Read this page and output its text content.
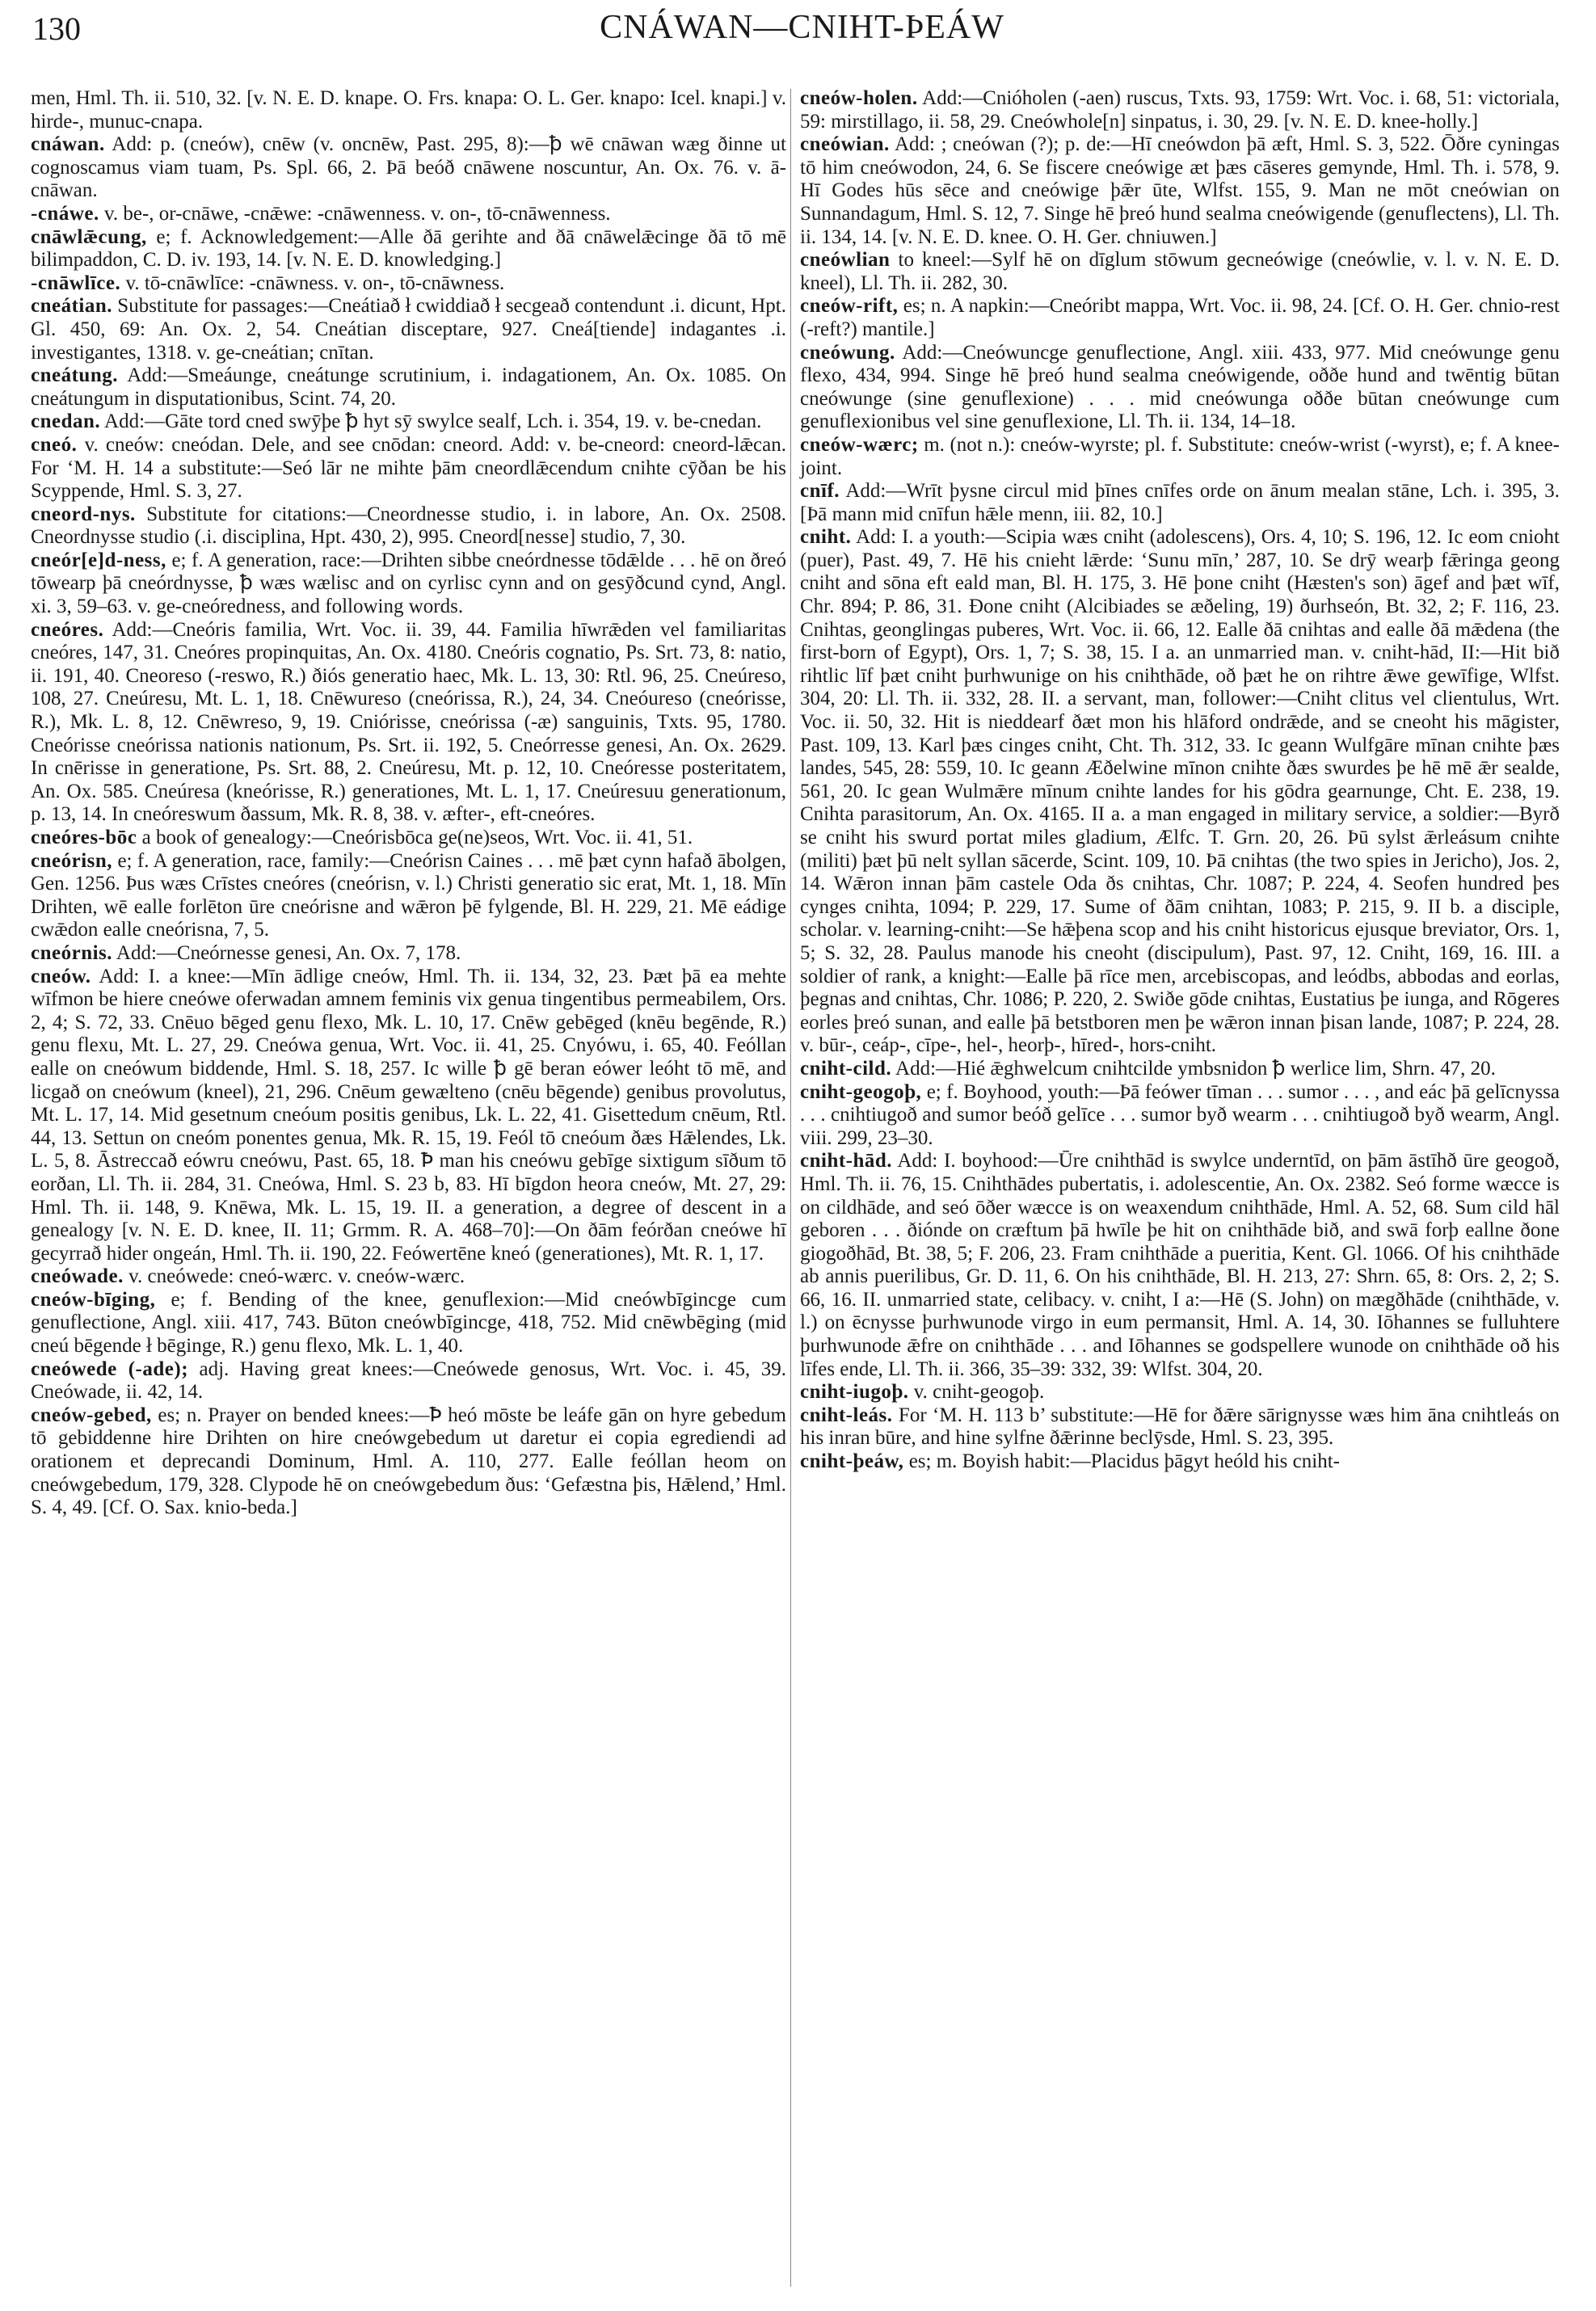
130	CNÁWAN—CNIHT-ÞEÁW

men, Hml. Th. ii. 510, 32. [v. N. E. D. knape. O. Frs. knapa: O. L. Ger. knapo: Icel. knapi.] v. hirde-, munuc-cnapa.

cnáwan. Add: p. (cneów), cnēw (v. oncnēw, Past. 295, 8):—ꝥ wē cnāwan wæg ðinne ut cognoscamus viam tuam, Ps. Spl. 66, 2. Þā beóð cnāwene noscuntur, An. Ox. 76. v. ā-cnāwan.

-cnáwe. v. be-, or-cnāwe, -cnǣwe: -cnāwenness. v. on-, tō-cnāwenness.

cnāwlǣcung, e; f. Acknowledgement:—Alle ðā gerihte and ðā cnāwelǣcinge ðā tō mē bilimpaddon, C. D. iv. 193, 14. [v. N. E. D. knowledging.]

-cnāwlīce. v. tō-cnāwlīce: -cnāwness. v. on-, tō-cnāwness.

cneátian. Substitute for passages:—Cneátiað ł cwiddiað ł secgeað contendunt .i. dicunt, Hpt. Gl. 450, 69: An. Ox. 2, 54. Cneátian disceptare, 927. Cneá[tiende] indagantes .i. investigantes, 1318. v. ge-cneátian; cnītan.

cneátung. Add:—Smeáunge, cneátunge scrutinium, i. indagationem, An. Ox. 1085. On cneátungum in disputationibus, Scint. 74, 20.

cnedan. Add:—Gāte tord cned swȳþe ꝥ hyt sȳ swylce sealf, Lch. i. 354, 19. v. be-cnedan.

cneó. v. cneów: cneódan. Dele, and see cnōdan: cneord. Add: v. be-cneord: cneord-lǣcan. For ‘M. H. 14 a substitute:—Seó lār ne mihte þām cneordlǣcendum cnihte cȳðan be his Scyppende, Hml. S. 3, 27.

cneord-nys. Substitute for citations:—Cneordnesse studio, i. in labore, An. Ox. 2508. Cneordnysse studio (.i. disciplina, Hpt. 430, 2), 995. Cneord[nesse] studio, 7, 30.

cneór[e]d-ness, e; f. A generation, race:—Drihten sibbe cneórdnesse tōdǣlde . . . hē on ðreó tōwearp þā cneórdnysse, ꝥ wæs wælisc and on cyrlisc cynn and on gesȳðcund cynd, Angl. xi. 3, 59–63. v. ge-cneóredness, and following words.

cneóres. Add:—Cneóris familia, Wrt. Voc. ii. 39, 44. Familia hīwrǣden vel familiaritas cneóres, 147, 31. Cneóres propinquitas, An. Ox. 4180. Cneóris cognatio, Ps. Srt. 73, 8: natio, ii. 191, 40. Cneoreso (-reswo, R.) ðiós generatio haec, Mk. L. 13, 30: Rtl. 96, 25. Cneúreso, 108, 27. Cneúresu, Mt. L. 1, 18. Cnēwureso (cneórissa, R.), 24, 34. Cneóureso (cneórisse, R.), Mk. L. 8, 12. Cnēwreso, 9, 19. Cniórisse, cneórissa (-æ) sanguinis, Txts. 95, 1780. Cneórisse cneórissa nationis nationum, Ps. Srt. ii. 192, 5. Cneórresse genesi, An. Ox. 2629. In cnērisse in generatione, Ps. Srt. 88, 2. Cneúresu, Mt. p. 12, 10. Cneóresse posteritatem, An. Ox. 585. Cneúresa (kneórisse, R.) generationes, Mt. L. 1, 17. Cneúresuu generationum, p. 13, 14. In cneóreswum ðassum, Mk. R. 8, 38. v. æfter-, eft-cneóres.

cneóres-bōc a book of genealogy:—Cneórisbōca ge(ne)seos, Wrt. Voc. ii. 41, 51.

cneórisn, e; f. A generation, race, family:—Cneórisn Caines . . . mē þæt cynn hafað ābolgen, Gen. 1256. Þus wæs Crīstes cneóres (cneórisn, v. l.) Christi generatio sic erat, Mt. 1, 18. Mīn Drihten, wē ealle forlēton ūre cneórisne and wǣron þē fylgende, Bl. H. 229, 21. Mē eádige cwǣdon ealle cneórisna, 7, 5.

cneórnis. Add:—Cneórnesse genesi, An. Ox. 7, 178.

cneów. Add: I. a knee:—Mīn ādlige cneów, Hml. Th. ii. 134, 32, 23. Þæt þā ea mehte wīfmon be hiere cneówe oferwadan amnem feminis vix genua tingentibus permeabilem, Ors. 2, 4; S. 72, 33. Cnēuo bēged genu flexo, Mk. L. 10, 17. Cnēw gebēged (knēu begēnde, R.) genu flexu, Mt. L. 27, 29. Cneówa genua, Wrt. Voc. ii. 41, 25. Cnyówu, i. 65, 40. Feóllan ealle on cneówum biddende, Hml. S. 18, 257. Ic wille ꝥ gē beran eówer leóht tō mē, and licgað on cneówum (kneel), 21, 296. Cnēum gewælteno (cnēu bēgende) genibus provolutus, Mt. L. 17, 14. Mid gesetnum cneóum positis genibus, Lk. L. 22, 41. Gisettedum cnēum, Rtl. 44, 13. Settun on cneóm ponentes genua, Mk. R. 15, 19. Feól tō cneóum ðæs Hǣlendes, Lk. L. 5, 8. Āstreccað eówru cneówu, Past. 65, 18. Ꝥ man his cneówu gebīge sixtigum sīðum tō eorðan, Ll. Th. ii. 284, 31. Cneówa, Hml. S. 23 b, 83. Hī bīgdon heora cneów, Mt. 27, 29: Hml. Th. ii. 148, 9. Knēwa, Mk. L. 15, 19. II. a generation, a degree of descent in a genealogy [v. N. E. D. knee, II. 11; Grmm. R. A. 468–70]:—On ðām feórðan cneówe hī gecyrrað hider ongeán, Hml. Th. ii. 190, 22. Feówertēne kneó (generationes), Mt. R. 1, 17.

cneówade. v. cneówede: cneó-wærc. v. cneów-wærc.

cneów-bīging, e; f. Bending of the knee, genuflexion:—Mid cneówbīgincge cum genuflectione, Angl. xiii. 417, 743. Būton cneówbīgincge, 418, 752. Mid cnēwbēging (mid cneú bēgende ł bēginge, R.) genu flexo, Mk. L. 1, 40.

cneówede (-ade); adj. Having great knees:—Cneówede genosus, Wrt. Voc. i. 45, 39. Cneówade, ii. 42, 14.

cneów-gebed, es; n. Prayer on bended knees:—Ꝥ heó mōste be leáfe gān on hyre gebedum tō gebiddenne hire Drihten on hire cneówgebedum ut daretur ei copia egrediendi ad orationem et deprecandi Dominum, Hml. A. 110, 277. Ealle feóllan heom on cneówgebedum, 179, 328. Clypode hē on cneówgebedum ðus: ‘Gefæstna þis, Hǣlend,’ Hml. S. 4, 49. [Cf. O. Sax. knio-beda.]

cneów-holen. Add:—Cnióholen (-aen) ruscus, Txts. 93, 1759: Wrt. Voc. i. 68, 51: victoriala, 59: mirstillago, ii. 58, 29. Cneówhole[n] sinpatus, i. 30, 29. [v. N. E. D. knee-holly.]

cneówian. Add: ; cneówan (?); p. de:—Hī cneówdon þā æft, Hml. S. 3, 522. Ōðre cyningas tō him cneówodon, 24, 6. Se fiscere cneówige æt þæs cāseres gemynde, Hml. Th. i. 578, 9. Hī Godes hūs sēce and cneówige þǣr ūte, Wlfst. 155, 9. Man ne mōt cneówian on Sunnandagum, Hml. S. 12, 7. Singe hē þreó hund sealma cneówigende (genuflectens), Ll. Th. ii. 134, 14. [v. N. E. D. knee. O. H. Ger. chniuwen.]

cneówlian to kneel:—Sylf hē on dīglum stōwum gecneówige (cneówlie, v. l. v. N. E. D. kneel), Ll. Th. ii. 282, 30.

cneów-rift, es; n. A napkin:—Cneóribt mappa, Wrt. Voc. ii. 98, 24. [Cf. O. H. Ger. chnio-rest (-reft?) mantile.]

cneówung. Add:—Cneówuncge genuflectione, Angl. xiii. 433, 977. Mid cneówunge genu flexo, 434, 994. Singe hē þreó hund sealma cneówigende, oððe hund and twēntig būtan cneówunge (sine genuflexione) . . . mid cneówunga oððe būtan cneówunge cum genuflexionibus vel sine genuflexione, Ll. Th. ii. 134, 14–18.

cneów-wærc; m. (not n.): cneów-wyrste; pl. f. Substitute: cneów-wrist (-wyrst), e; f. A knee-joint.

cnīf. Add:—Wrīt þysne circul mid þīnes cnīfes orde on ānum mealan stāne, Lch. i. 395, 3. [Þā mann mid cnīfun hǣle menn, iii. 82, 10.]

cniht. Add: I. a youth:—Scipia wæs cniht (adolescens), Ors. 4, 10; S. 196, 12. Ic eom cnioht (puer), Past. 49, 7. Hē his cnieht lǣrde: ‘Sunu mīn,’ 287, 10. Se drȳ wearþ fǣringa geong cniht and sōna eft eald man, Bl. H. 175, 3. Hē þone cniht (Hæsten's son) āgef and þæt wīf, Chr. 894; P. 86, 31. Ðone cniht (Alcibiades se æðeling, 19) ðurhseón, Bt. 32, 2; F. 116, 23. Cnihtas, geonglingas puberes, Wrt. Voc. ii. 66, 12. Ealle ðā cnihtas and ealle ðā mǣdena (the first-born of Egypt), Ors. 1, 7; S. 38, 15. I a. an unmarried man. v. cniht-hād, II:—Hit bið rihtlic līf þæt cniht þurhwunige on his cnihthāde, oð þæt he on rihtre ǣwe gewīfige, Wlfst. 304, 20: Ll. Th. ii. 332, 28. II. a servant, man, follower:—Cniht clitus vel clientulus, Wrt. Voc. ii. 50, 32. Hit is nieddearf ðæt mon his hlāford ondrǣde, and se cneoht his māgister, Past. 109, 13. Karl þæs cinges cniht, Cht. Th. 312, 33. Ic geann Wulfgāre mīnan cnihte þæs landes, 545, 28: 559, 10. Ic geann Æðelwine mīnon cnihte ðæs swurdes þe hē mē ǣr sealde, 561, 20. Ic gean Wulmǣre mīnum cnihte landes for his gōdra gearnunge, Cht. E. 238, 19. Cnihta parasitorum, An. Ox. 4165. II a. a man engaged in military service, a soldier:—Byrð se cniht his swurd portat miles gladium, Ælfc. T. Grn. 20, 26. Þū sylst ǣrleásum cnihte (militi) þæt þū nelt syllan sācerde, Scint. 109, 10. Þā cnihtas (the two spies in Jericho), Jos. 2, 14. Wǣron innan þām castele Oda ðs cnihtas, Chr. 1087; P. 224, 4. Seofen hundred þes cynges cnihta, 1094; P. 229, 17. Sume of ðām cnihtan, 1083; P. 215, 9. II b. a disciple, scholar. v. learning-cniht:—Se hǣþena scop and his cniht historicus ejusque breviator, Ors. 1, 5; S. 32, 28. Paulus manode his cneoht (discipulum), Past. 97, 12. Cniht, 169, 16. III. a soldier of rank, a knight:—Ealle þā rīce men, arcebiscopas, and leódbs, abbodas and eorlas, þegnas and cnihtas, Chr. 1086; P. 220, 2. Swiðe gōde cnihtas, Eustatius þe iunga, and Rōgeres eorles þreó sunan, and ealle þā betstboren men þe wǣron innan þisan lande, 1087; P. 224, 28. v. būr-, ceáp-, cīpe-, hel-, heorþ-, hīred-, hors-cniht.

cniht-cild. Add:—Hié ǣghwelcum cnihtcilde ymbsnidon ꝥ werlice lim, Shrn. 47, 20.

cniht-geogoþ, e; f. Boyhood, youth:—Þā feówer tīman . . . sumor . . . , and eác þā gelīcnyssa . . . cnihtiugoð and sumor beóð gelīce . . . sumor byð wearm . . . cnihtiugoð byð wearm, Angl. viii. 299, 23–30.

cniht-hād. Add: I. boyhood:—Ūre cnihthād is swylce underntīd, on þām āstīhð ūre geogoð, Hml. Th. ii. 76, 15. Cnihthādes pubertatis, i. adolescentie, An. Ox. 2382. Seó forme wæcce is on cildhāde, and seó ōðer wæcce is on weaxendum cnihthāde, Hml. A. 52, 68. Sum cild hāl geboren . . . ðiónde on cræftum þā hwīle þe hit on cnihthāde bið, and swā forþ eallne ðone giogoðhād, Bt. 38, 5; F. 206, 23. Fram cnihthāde a pueritia, Kent. Gl. 1066. Of his cnihthāde ab annis puerilibus, Gr. D. 11, 6. On his cnihthāde, Bl. H. 213, 27: Shrn. 65, 8: Ors. 2, 2; S. 66, 16. II. unmarried state, celibacy. v. cniht, I a:—Hē (S. John) on mægðhāde (cnihthāde, v. l.) on ēcnysse þurhwunode virgo in eum permansit, Hml. A. 14, 30. Iōhannes se fulluhtere þurhwunode ǣfre on cnihthāde . . . and Iōhannes se godspellere wunode on cnihthāde oð his līfes ende, Ll. Th. ii. 366, 35–39: 332, 39: Wlfst. 304, 20.

cniht-iugoþ. v. cniht-geogoþ.

cniht-leás. For ‘M. H. 113 b’ substitute:—Hē for ðǣre sārignysse wæs him āna cnihtleás on his inran būre, and hine sylfne ðǣrinne beclȳsde, Hml. S. 23, 395.

cniht-þeáw, es; m. Boyish habit:—Placidus þāgyt heóld his cniht-
